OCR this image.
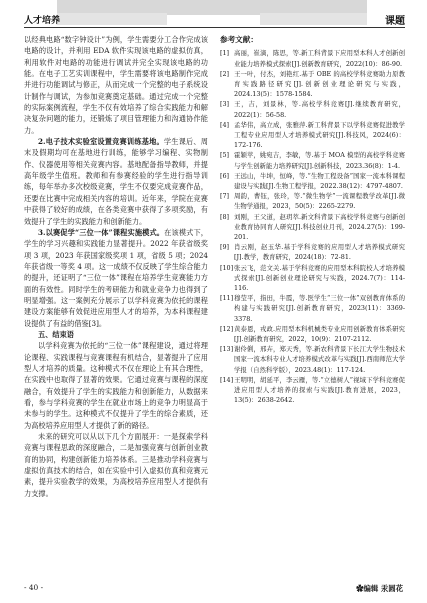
人才培养	课题

以经典电路“数字钟设计”为例，学生需要分工合作完成该电路的设计，并利用 EDA 软件实现该电路的虚拟仿真，利用软件对电路的功能进行调试并完全实现该电路的功能。在电子工艺实训课程中，学生需要将该电路制作完成并进行功能调试与修正，从而完成一个完整的电子系统设计制作与调试，为参加竞赛奠定基础。通过完成一个完整的实际案例流程，学生不仅有效培养了综合实践能力和解决复杂问题的能力，还锻炼了项目管理能力和沟通协作能力。

2.电子技术实验室设置竞赛训练基地。学生课后、周末及假期均可在基地进行训练，能够学习编程、实物制作、仪器使用等相关竞赛内容。基地配备指导教师，并提高年级学生值班。教师和有参赛经验的学生进行指导训练，每年举办多次校级竞赛，学生不仅要完成竞赛作品，还要在比赛中完成相关内容的培训。近年来，学院在竞赛中获得了较好的成绩，在各类竞赛中获得了多项奖励，有效提升了学生的实践能力和创新能力。

3.以赛促学“三位一体”课程实施模式。在该模式下，学生的学习兴趣和实践能力显著提升。2022 年获省级奖项 3 项，2023 年获国家级奖项 1 项，省级 5 项；2024 年获省级一等奖 4 项。这一成绩不仅反映了学生综合能力的提升，还证明了“三位一体”课程在培养学生竞赛能力方面的有效性。同时学生的考研能力和就业竞争力也得到了明显增强。这一案例充分展示了以学科竞赛为依托的课程建设方案能够有效促进应用型人才的培养，为本科课程建设提供了有益的借鉴[3]。

五、结束语

以学科竞赛为依托的“三位一体”课程建设，通过将理论课程、实践课程与竞赛课程有机结合，显著提升了应用型人才培养的质量。这种模式不仅在理论上有其合理性，在实践中也取得了显著的效果。它通过竞赛与课程的深度融合，有效提升了学生的实践能力和创新能力，从数据来看，参与学科竞赛的学生在就业市场上的竞争力明显高于未参与的学生。这种模式不仅提升了学生的综合素质，还为高校培养应用型人才提供了新的路径。

未来的研究可以从以下几个方面展开：一是探索学科竞赛与课程思政的深度融合，二是加强竞赛与创新创业教育的协同，构建创新能力培养体系。三是推动学科竞赛与虚拟仿真技术的结合，如在实验中引入虚拟仿真和竞赛元素，提升实验教学的效果，为高校培养应用型人才提供有力支撑。

参考文献：

[1] 高丽，崔滴，陈思，等.新工科背景下应用型本科人才创新创业能力培养模式探索[J].创新教育研究，2022(10)：86-90.
[2] 王一叶，付杰，刘艳红.基于 OBE 的高校学科竞赛助力原教育实践路径研究[J].创新创业理论研究与实践，2024.13(5)：1578-1584.
[3] 王，吉，刘景林，等.高校学科竞赛[J].继续教育研究，2022(1)：56-58.
[4] 孟华伟，高立成，张雅萍.新工科背景下以学科竞赛促进教学工程专业应用型人才培养模式研究[J].科技风，2024(6)：172-176.
[5] 霍颖苹，姚宛吉，李敏，等.基于 MOA 模型的高校学科竞赛与学生创新能力培养研究[J].创新科技，2023.36(8)：1-4.
[6] 王远山，牛坤，恒峰，等.“生物工程设备”国家一流本科课程建设与实践[J].生物工程学报，2022.38(12)：4797-4807.
[7] 周韵，曹钰，张玲，等.“微生物学”一流课程教学改革[J].微生物学通报，2023，50(5)：2265-2279.
[8] 刘刚，王父道，赵玥萃.新文科背景下高校学科竞赛与创新创业教育协同育人研究[J].科技创业月刊，2024.27(5)：199-201.
[9] 肖云刚，赵玉华.基于学科竞赛的应用型人才培养模式研究[J].教学，教育研究，2024(18)：72-81.
[10] 张云飞，范文关.基于学科竞赛的应用型本科院校人才培养模式探索[J].创新创业理论研究与实践，2024.7(7)：114-116.
[11] 穆莹平，指田，牛霞，等.医学生“三位一体”双创教育体系的构建与实践研究[J].创新教育研究，2023(11)：3369-3378.
[12] 黄泰恩，戎政.应用型本科机械类专业应用创新教育体系研究[J].创新教育研究，2022，10(9)：2107-2112.
[13] 谢伶俐，邢卉，郑天秀，等.新农科背景下长江大学生物技术国家一流本科专业人才培养模式改革与实践[J].西南师范大学学报（自然科学版），2023.48(1)：117-124.
[14] 王明明，胡延平，李云雁，等.“立德树人”视域下学科竞赛促进应用型人才培养的探索与实践[J].教育进展，2023，13(5)：2638-2642.
- 40 -	✿编辑 汞圆花
